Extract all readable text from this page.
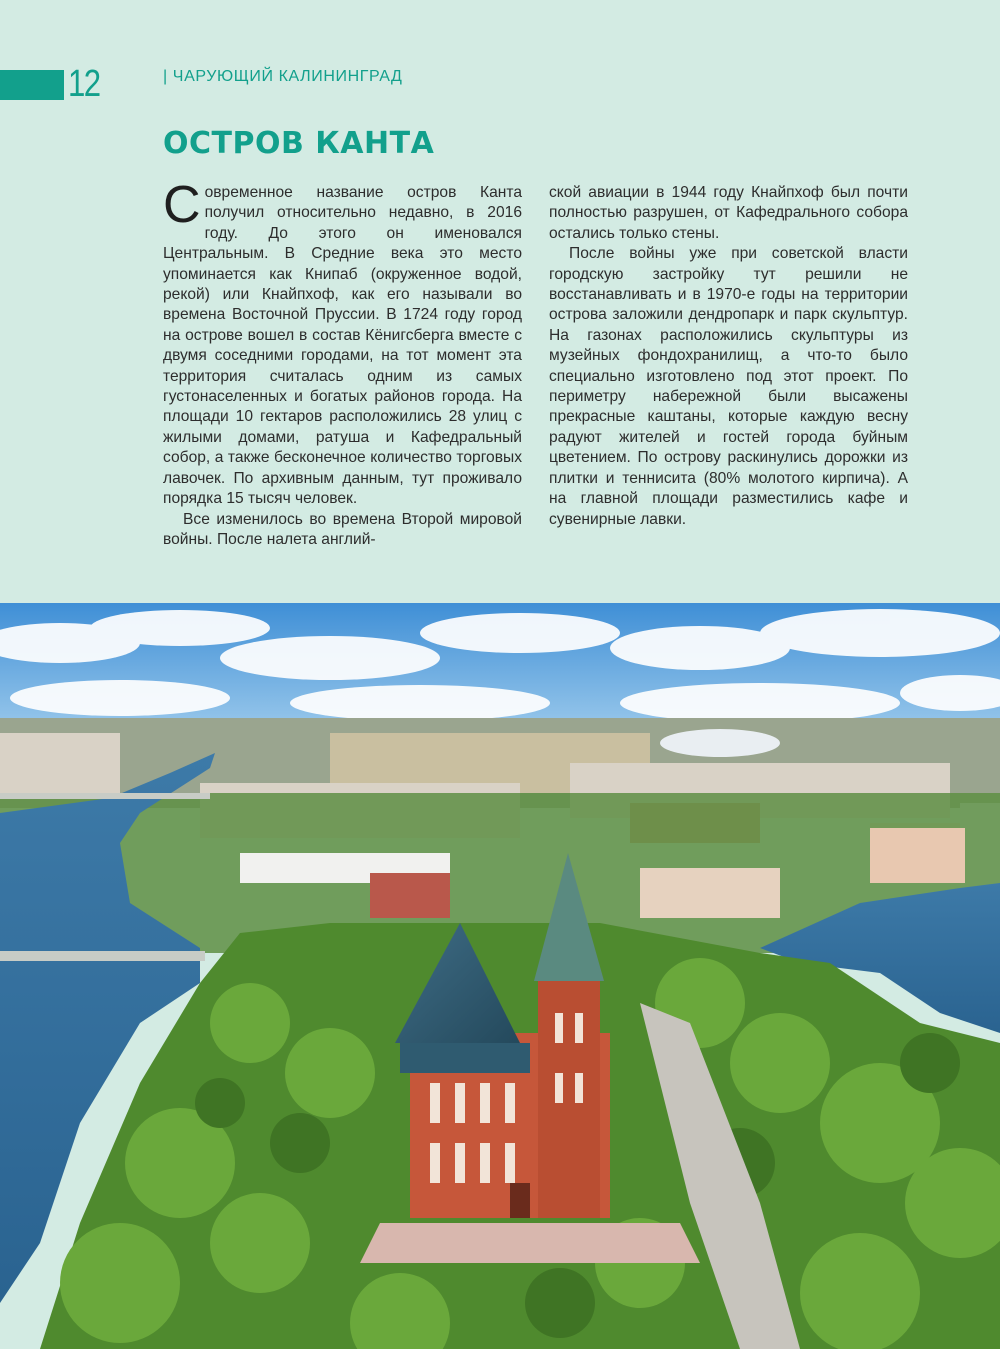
12	| ЧАРУЮЩИЙ КАЛИНИНГРАД
ОСТРОВ КАНТА

Современное название остров Канта получил относительно недавно, в 2016 году. До этого он именовался Центральным. В Средние века это место упоминается как Книпаб (окруженное водой, рекой) или Кнайпхоф, как его называли во времена Восточной Пруссии. В 1724 году город на острове вошел в состав Кёнигсберга вместе с двумя соседними городами, на тот момент эта территория считалась одним из самых густонаселенных и богатых районов города. На площади 10 гектаров расположились 28 улиц с жилыми домами, ратуша и Кафедральный собор, а также бесконечное количество торговых лавочек. По архивным данным, тут проживало порядка 15 тысяч человек.

Все изменилось во времена Второй мировой войны. После налета англий-

ской авиации в 1944 году Кнайпхоф был почти полностью разрушен, от Кафедрального собора остались только стены.

После войны уже при советской власти городскую застройку тут решили не восстанавливать и в 1970-е годы на территории острова заложили дендропарк и парк скульптур. На газонах расположились скульптуры из музейных фондохранилищ, а что-то было специально изготовлено под этот проект. По периметру набережной были высажены прекрасные каштаны, которые каждую весну радуют жителей и гостей города буйным цветением. По острову раскинулись дорожки из плитки и теннисита (80% молотого кирпича). А на главной площади разместились кафе и сувенирные лавки.
